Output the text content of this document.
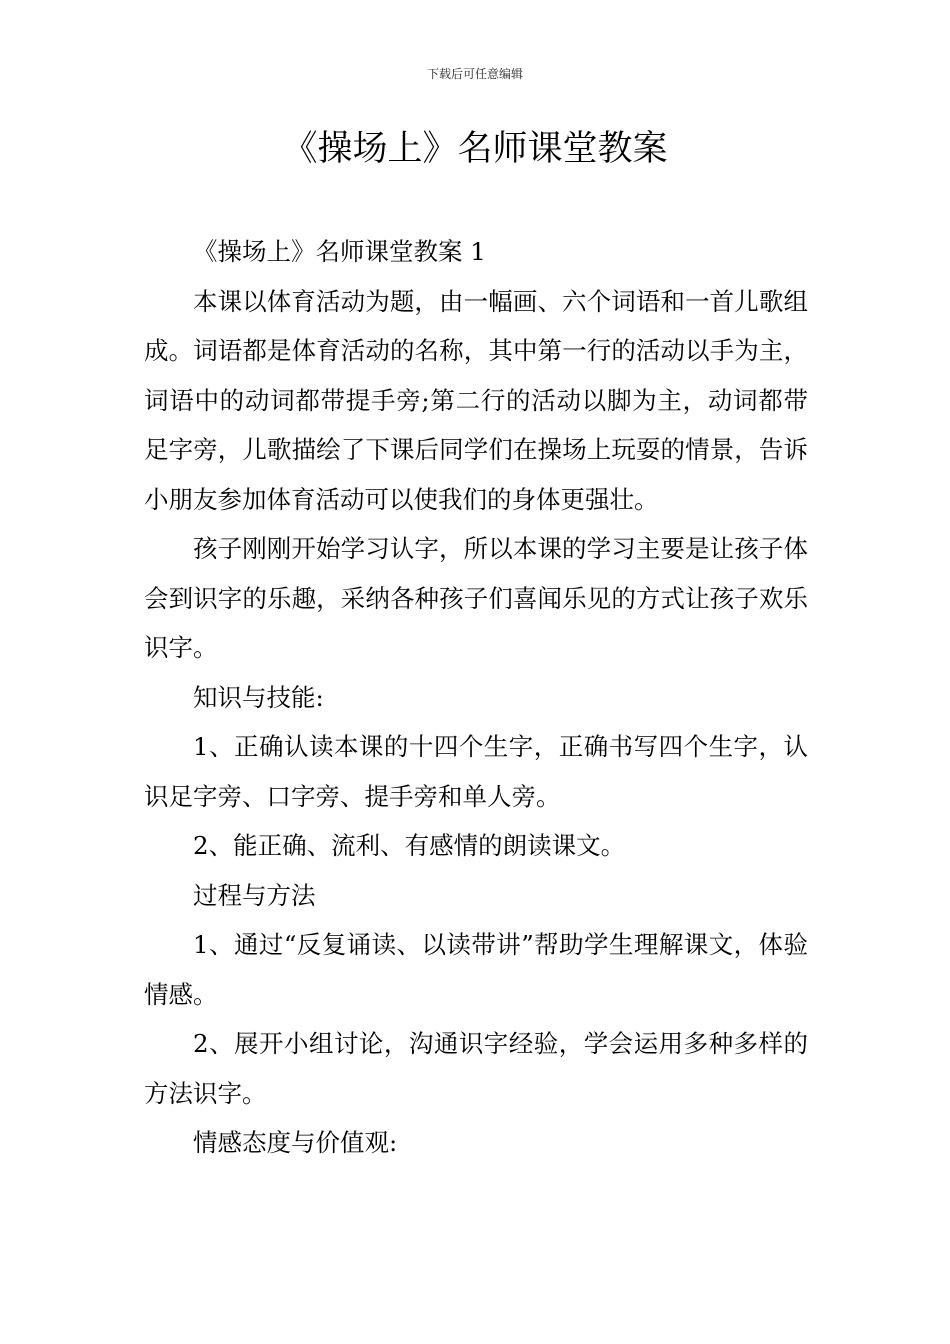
下载后可任意编辑
《操场上》名师课堂教案

《操场上》名师课堂教案 1

本课以体育活动为题，由一幅画、六个词语和一首儿歌组成。词语都是体育活动的名称，其中第一行的活动以手为主，词语中的动词都带提手旁;第二行的活动以脚为主，动词都带足字旁，儿歌描绘了下课后同学们在操场上玩耍的情景，告诉小朋友参加体育活动可以使我们的身体更强壮。

孩子刚刚开始学习认字，所以本课的学习主要是让孩子体会到识字的乐趣，采纳各种孩子们喜闻乐见的方式让孩子欢乐识字。

知识与技能:

1、正确认读本课的十四个生字，正确书写四个生字，认识足字旁、口字旁、提手旁和单人旁。

2、能正确、流利、有感情的朗读课文。

过程与方法

1、通过“反复诵读、以读带讲”帮助学生理解课文，体验情感。

2、展开小组讨论，沟通识字经验，学会运用多种多样的方法识字。

情感态度与价值观:
